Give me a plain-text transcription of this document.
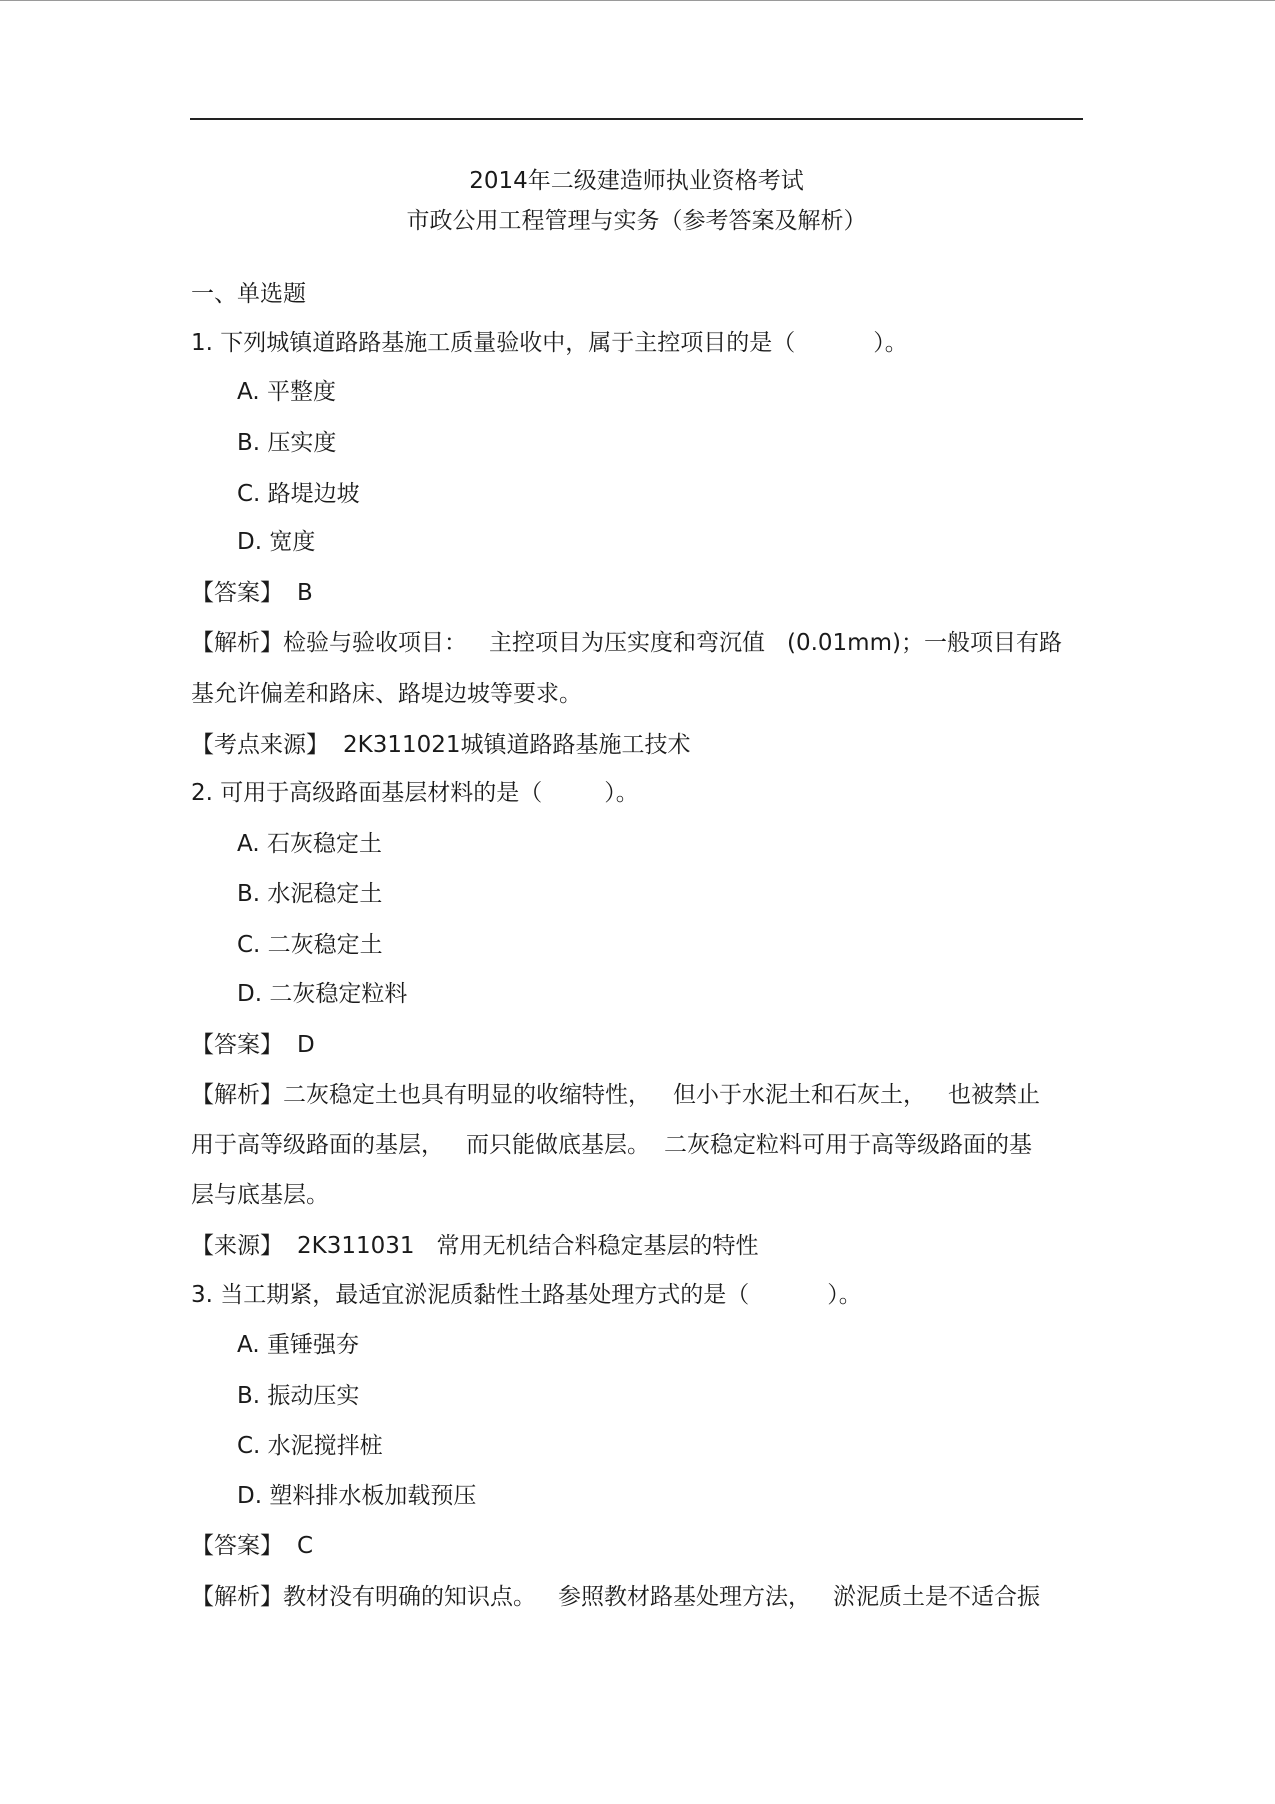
2014年二级建造师执业资格考试
市政公用工程管理与实务（参考答案及解析）
一、单选题
1. 下列城镇道路路基施工质量验收中，属于主控项目的是（	）。
A. 平整度
B. 压实度
C. 路堤边坡
D. 宽度
【答案】 B
【解析】检验与验收项目： 主控项目为压实度和弯沉值 (0.01mm)；一般项目有路
基允许偏差和路床、路堤边坡等要求。
【考点来源】 2K311021城镇道路路基施工技术
2. 可用于高级路面基层材料的是（	）。
A. 石灰稳定土
B. 水泥稳定土
C. 二灰稳定土
D. 二灰稳定粒料
【答案】 D
【解析】二灰稳定土也具有明显的收缩特性， 但小于水泥土和石灰土， 也被禁止
用于高等级路面的基层， 而只能做底基层。 二灰稳定粒料可用于高等级路面的基
层与底基层。
【来源】 2K311031 常用无机结合料稳定基层的特性
3. 当工期紧，最适宜淤泥质黏性土路基处理方式的是（	）。
A. 重锤强夯
B. 振动压实
C. 水泥搅拌桩
D. 塑料排水板加载预压
【答案】 C
【解析】教材没有明确的知识点。 参照教材路基处理方法， 淤泥质土是不适合振
